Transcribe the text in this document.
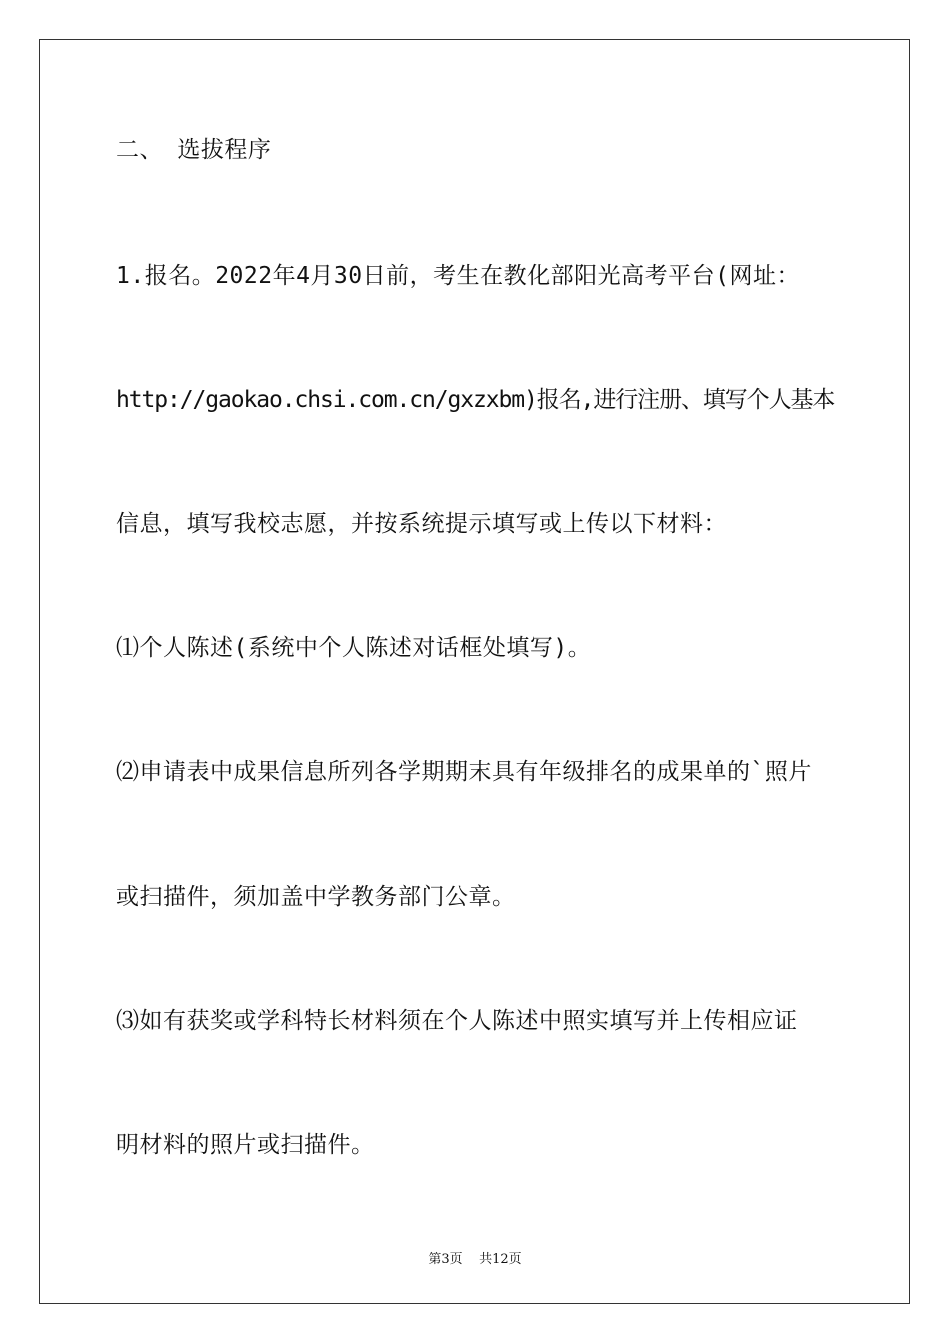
二、 选拔程序
1.报名。2022年4月30日前，考生在教化部阳光高考平台(网址：
http://gaokao.chsi.com.cn/gxzxbm)报名,进行注册、填写个人基本
信息，填写我校志愿，并按系统提示填写或上传以下材料：
⑴个人陈述(系统中个人陈述对话框处填写)。
⑵申请表中成果信息所列各学期期末具有年级排名的成果单的`照片
或扫描件，须加盖中学教务部门公章。
⑶如有获奖或学科特长材料须在个人陈述中照实填写并上传相应证
明材料的照片或扫描件。
第3页    共12页
